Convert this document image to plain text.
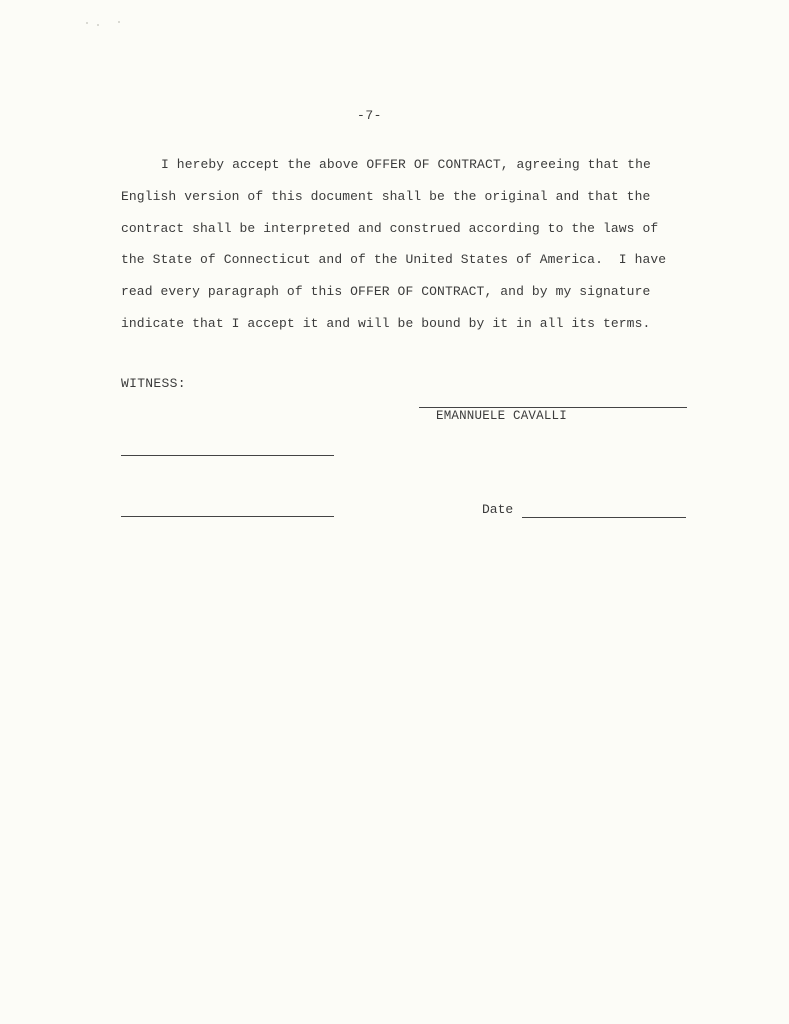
-7-
I hereby accept the above OFFER OF CONTRACT, agreeing that the
English version of this document shall be the original and that the
contract shall be interpreted and construed according to the laws of
the State of Connecticut and of the United States of America.  I have
read every paragraph of this OFFER OF CONTRACT, and by my signature
indicate that I accept it and will be bound by it in all its terms.
WITNESS:
EMANNUELE CAVALLI
Date
